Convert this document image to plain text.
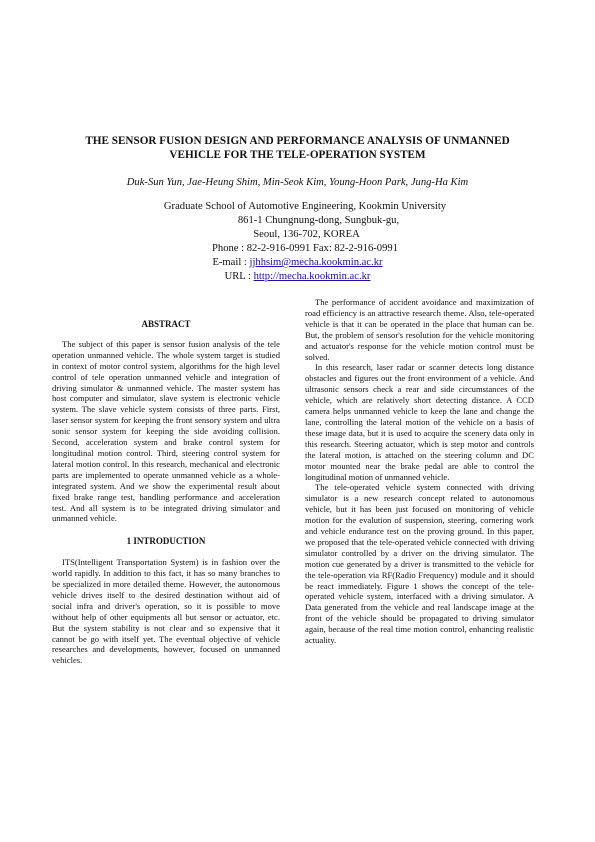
THE SENSOR FUSION DESIGN AND PERFORMANCE ANALYSIS OF UNMANNED VEHICLE FOR THE TELE-OPERATION SYSTEM
Duk-Sun Yun, Jae-Heung Shim, Min-Seok Kim, Young-Hoon Park, Jung-Ha Kim
Graduate School of Automotive Engineering, Kookmin University
861-1 Chungnung-dong, Sungbuk-gu,
Seoul, 136-702, KOREA
Phone : 82-2-916-0991 Fax: 82-2-916-0991
E-mail : jjhhsim@mecha.kookmin.ac.kr
URL : http://mecha.kookmin.ac.kr
ABSTRACT

The subject of this paper is sensor fusion analysis of the tele operation unmanned vehicle. The whole system target is studied in context of motor control system, algorithms for the high level control of tele operation unmanned vehicle and integration of driving simulator & unmanned vehicle. The master system has host computer and simulator, slave system is electronic vehicle system. The slave vehicle system consists of three parts. First, laser sensor system for keeping the front sensory system and ultra sonic sensor system for keeping the side avoiding collision. Second, acceleration system and brake control system for longitudinal motion control. Third, steering control system for lateral motion control. In this research, mechanical and electronic parts are implemented to operate unmanned vehicle as a whole-integrated system. And we show the experimental result about fixed brake range test, handling performance and acceleration test. And all system is to be integrated driving simulator and unmanned vehicle.

1 INTRODUCTION

ITS(Intelligent Transportation System) is in fashion over the world rapidly. In addition to this fact, it has so many branches to be specialized in more detailed theme. However, the autonomous vehicle drives itself to the desired destination without aid of social infra and driver's operation, so it is possible to move without help of other equipments all but sensor or actuator, etc. But the system stability is not clear and so expensive that it cannot be go with itself yet. The eventual objective of vehicle researches and developments, however, focused on unmanned vehicles.

The performance of accident avoidance and maximization of road efficiency is an attractive research theme. Also, tele-operated vehicle is that it can be operated in the place that human can be. But, the problem of sensor's resolution for the vehicle monitoring and actuator's response for the vehicle motion control must be solved.

In this research, laser radar or scanner detects long distance obstacles and figures out the front environment of a vehicle. And ultrasonic sensors check a rear and side circumstances of the vehicle, which are relatively short detecting distance. A CCD camera helps unmanned vehicle to keep the lane and change the lane, controlling the lateral motion of the vehicle on a basis of these image data, but it is used to acquire the scenery data only in this research. Steering actuator, which is step motor and controls the lateral motion, is attached on the steering column and DC motor mounted near the brake pedal are able to control the longitudinal motion of unmanned vehicle.

The tele-operated vehicle system connected with driving simulator is a new research concept related to autonomous vehicle, but it has been just focused on monitoring of vehicle motion for the evalution of suspension, steering, cornering work and vehicle endurance test on the proving ground. In this paper, we proposed that the tele-operated vehicle connected with driving simulator controlled by a driver on the driving simulator. The motion cue generated by a driver is transmitted to the vehicle for the tele-operation via RF(Radio Frequency) module and it should be react immediately. Figure 1 shows the concept of the tele-operated vehicle system, interfaced with a driving simulator. A Data generated from the vehicle and real landscape image at the front of the vehicle should be propagated to driving simulator again, because of the real time motion control, enhancing realistic actuality.
